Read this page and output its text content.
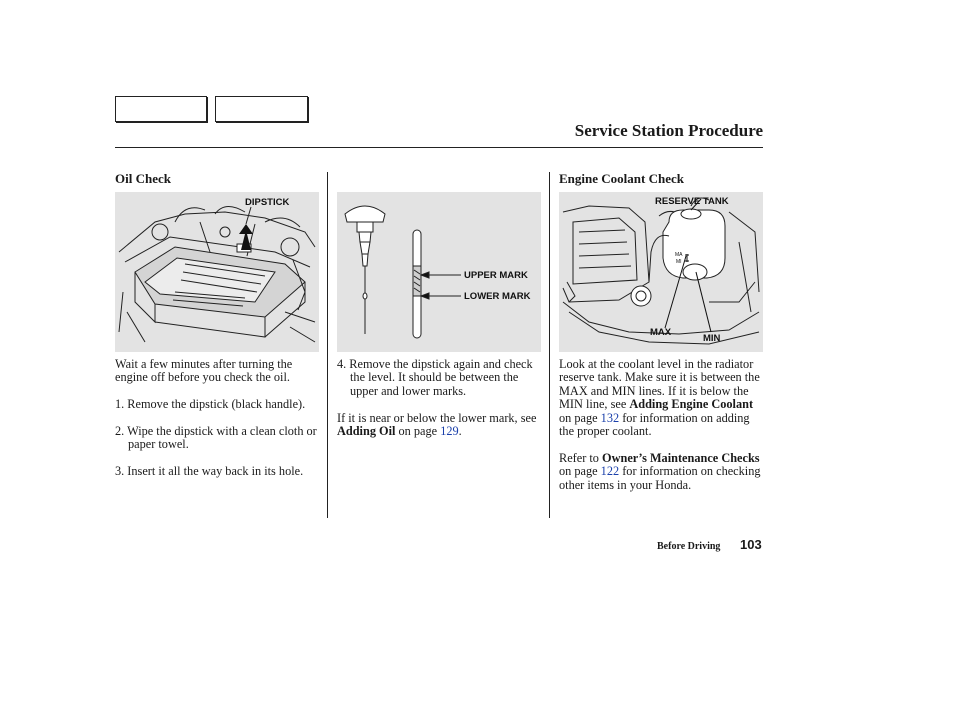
Service Station Procedure
Oil Check
DIPSTICK

Wait a few minutes after turning the engine off before you check the oil.

1. Remove the dipstick (black handle).

2. Wipe the dipstick with a clean cloth or paper towel.

3. Insert it all the way back in its hole.

UPPER MARK
LOWER MARK

4. Remove the dipstick again and check the level. It should be between the upper and lower marks.

If it is near or below the lower mark, see Adding Oil on page 129.

Engine Coolant Check
MA
MI
RESERVE TANK
MAX
MIN

Look at the coolant level in the radiator reserve tank. Make sure it is between the MAX and MIN lines. If it is below the MIN line, see Adding Engine Coolant on page 132 for information on adding the proper coolant.

Refer to Owner’s Maintenance Checks on page 122 for information on checking other items in your Honda.

Before Driving 103
